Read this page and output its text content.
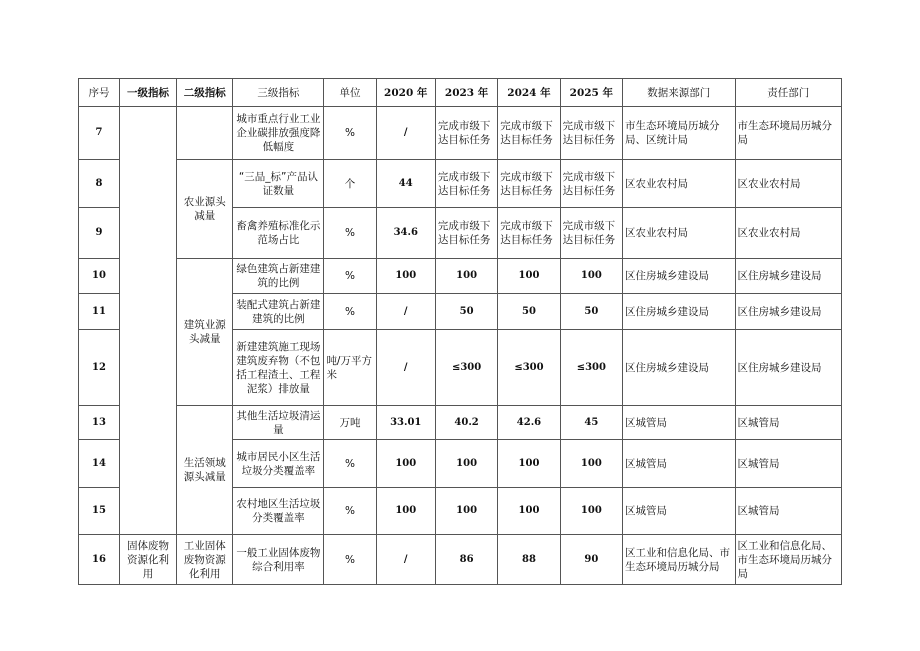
序号	一级指标	二级指标	三级指标	单位	2020 年	2023 年	2024 年	2025 年	数据来源部门	责任部门
7			城市重点行业工业企业碳排放强度降低幅度	%	/	完成市级下达目标任务	完成市级下达目标任务	完成市级下达目标任务	市生态环境局历城分局、区统计局	市生态环境局历城分局
8		农业源头减量	“三品_标”产品认证数量	个	44	完成市级下达目标任务	完成市级下达目标任务	完成市级下达目标任务	区农业农村局	区农业农村局
9			畜禽养殖标准化示范场占比	%	34.6	完成市级下达目标任务	完成市级下达目标任务	完成市级下达目标任务	区农业农村局	区农业农村局
10		建筑业源头减量	绿色建筑占新建建筑的比例	%	100	100	100	100	区住房城乡建设局	区住房城乡建设局
11			装配式建筑占新建建筑的比例	%	/	50	50	50	区住房城乡建设局	区住房城乡建设局
12			新建建筑施工现场建筑废弃物（不包括工程渣土、工程泥浆）排放量	吨/万平方米	/	≤300	≤300	≤300	区住房城乡建设局	区住房城乡建设局
13		生活领域源头减量	其他生活垃圾清运量	万吨	33.01	40.2	42.6	45	区城管局	区城管局
14			城市居民小区生活垃圾分类覆盖率	%	100	100	100	100	区城管局	区城管局
15			农村地区生活垃圾分类覆盖率	%	100	100	100	100	区城管局	区城管局
16	固体废物资源化利用	工业固体废物资源化利用	一般工业固体废物综合利用率	%	/	86	88	90	区工业和信息化局、市生态环境局历城分局	区工业和信息化局、市生态环境局历城分局
